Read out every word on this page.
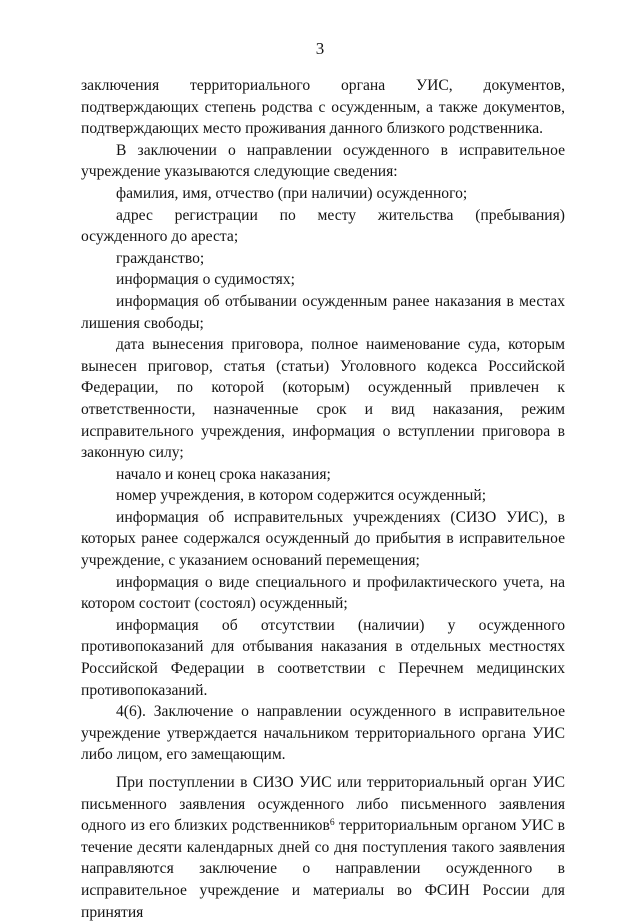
3

заключения территориального органа УИС, документов, подтверждающих степень родства с осужденным, а также документов, подтверждающих место проживания данного близкого родственника.

В заключении о направлении осужденного в исправительное учреждение указываются следующие сведения:

фамилия, имя, отчество (при наличии) осужденного;

адрес регистрации по месту жительства (пребывания) осужденного до ареста;

гражданство;

информация о судимостях;

информация об отбывании осужденным ранее наказания в местах лишения свободы;

дата вынесения приговора, полное наименование суда, которым вынесен приговор, статья (статьи) Уголовного кодекса Российской Федерации, по которой (которым) осужденный привлечен к ответственности, назначенные срок и вид наказания, режим исправительного учреждения, информация о вступлении приговора в законную силу;

начало и конец срока наказания;

номер учреждения, в котором содержится осужденный;

информация об исправительных учреждениях (СИЗО УИС), в которых ранее содержался осужденный до прибытия в исправительное учреждение, с указанием оснований перемещения;

информация о виде специального и профилактического учета, на котором состоит (состоял) осужденный;

информация об отсутствии (наличии) у осужденного противопоказаний для отбывания наказания в отдельных местностях Российской Федерации в соответствии с Перечнем медицинских противопоказаний.

4(6). Заключение о направлении осужденного в исправительное учреждение утверждается начальником территориального органа УИС либо лицом, его замещающим.

При поступлении в СИЗО УИС или территориальный орган УИС письменного заявления осужденного либо письменного заявления одного из его близких родственников$^6$ территориальным органом УИС в течение десяти календарных дней со дня поступления такого заявления направляются заключение о направлении осужденного в исправительное учреждение и материалы во ФСИН России для принятия
